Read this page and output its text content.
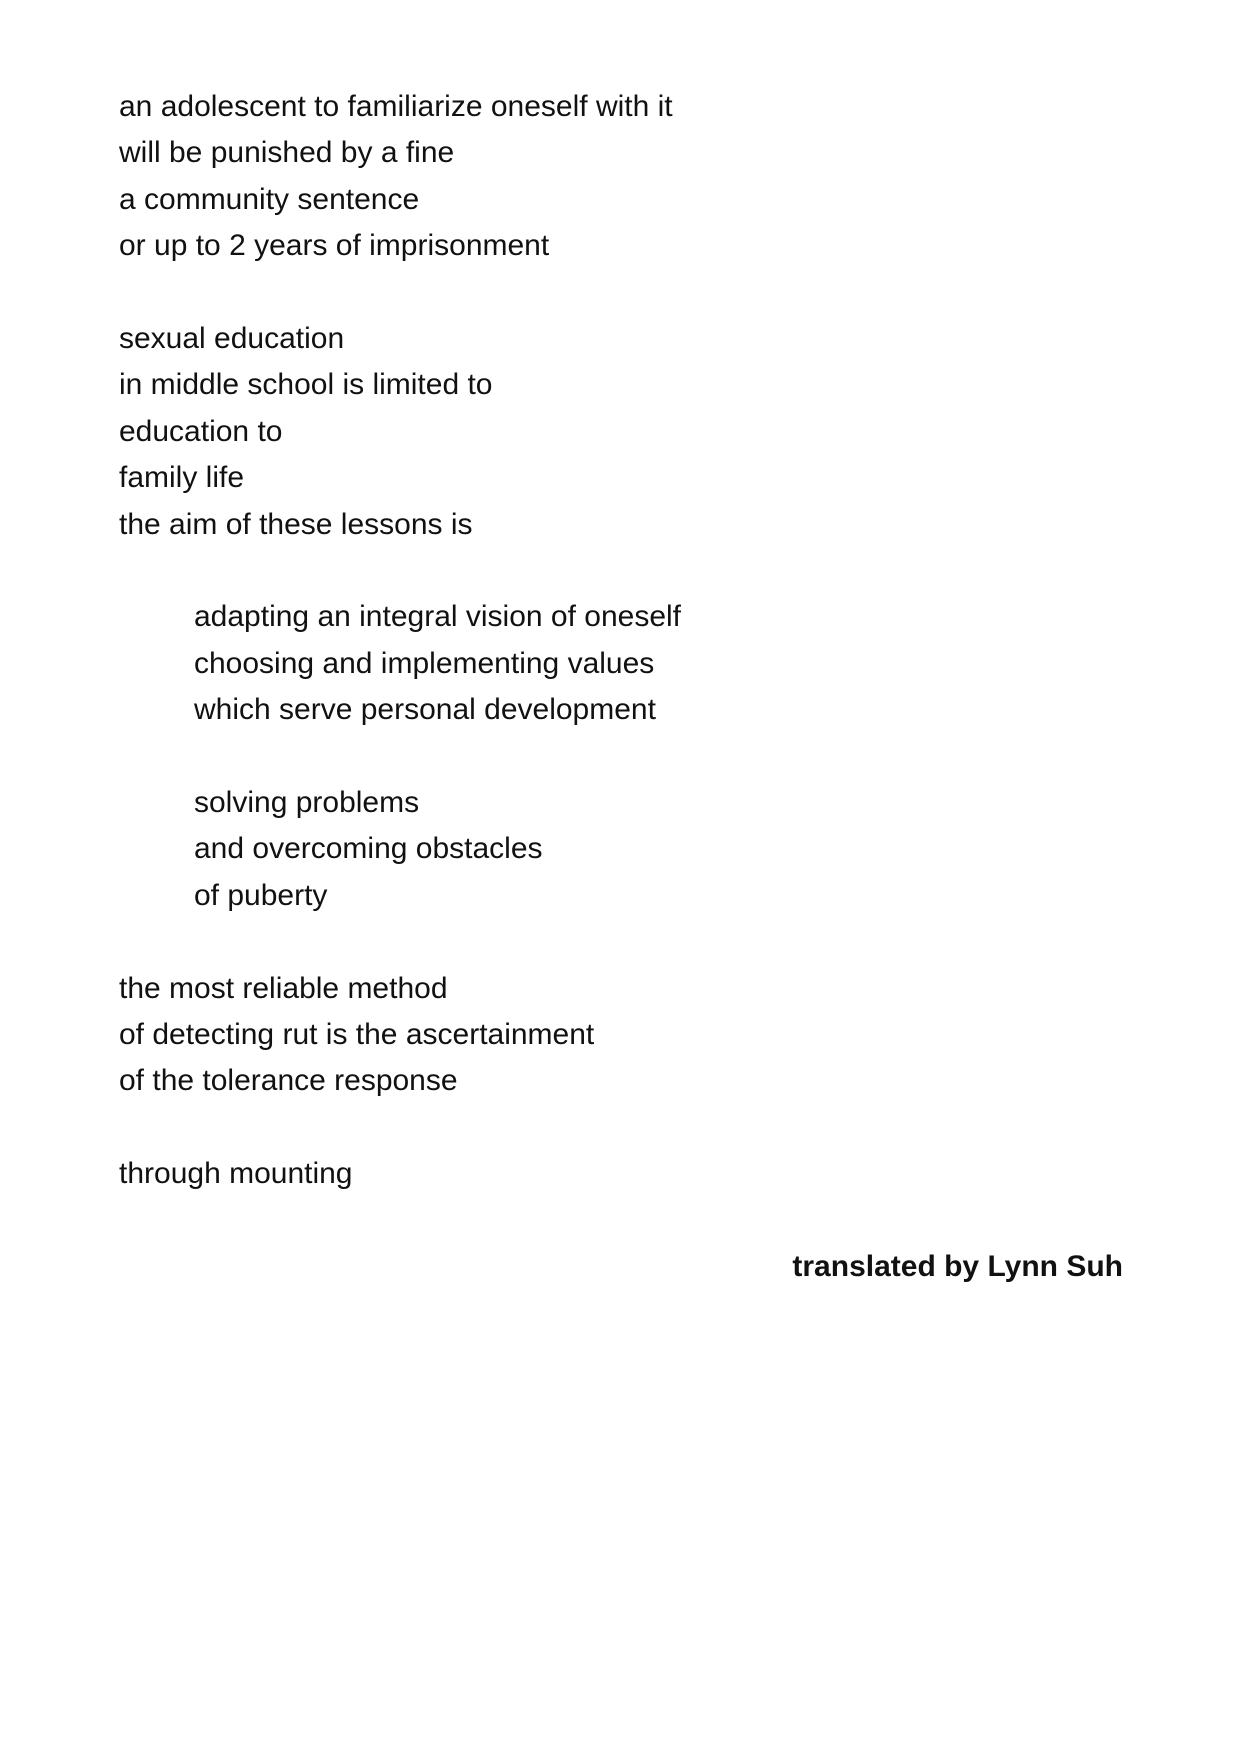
an adolescent to familiarize oneself with it
will be punished by a fine
a community sentence
or up to 2 years of imprisonment
sexual education
in middle school is limited to
education to
family life
the aim of these lessons is
adapting an integral vision of oneself
choosing and implementing values
which serve personal development
solving problems
and overcoming obstacles
of puberty
the most reliable method
of detecting rut is the ascertainment
of the tolerance response
through mounting
translated by Lynn Suh
